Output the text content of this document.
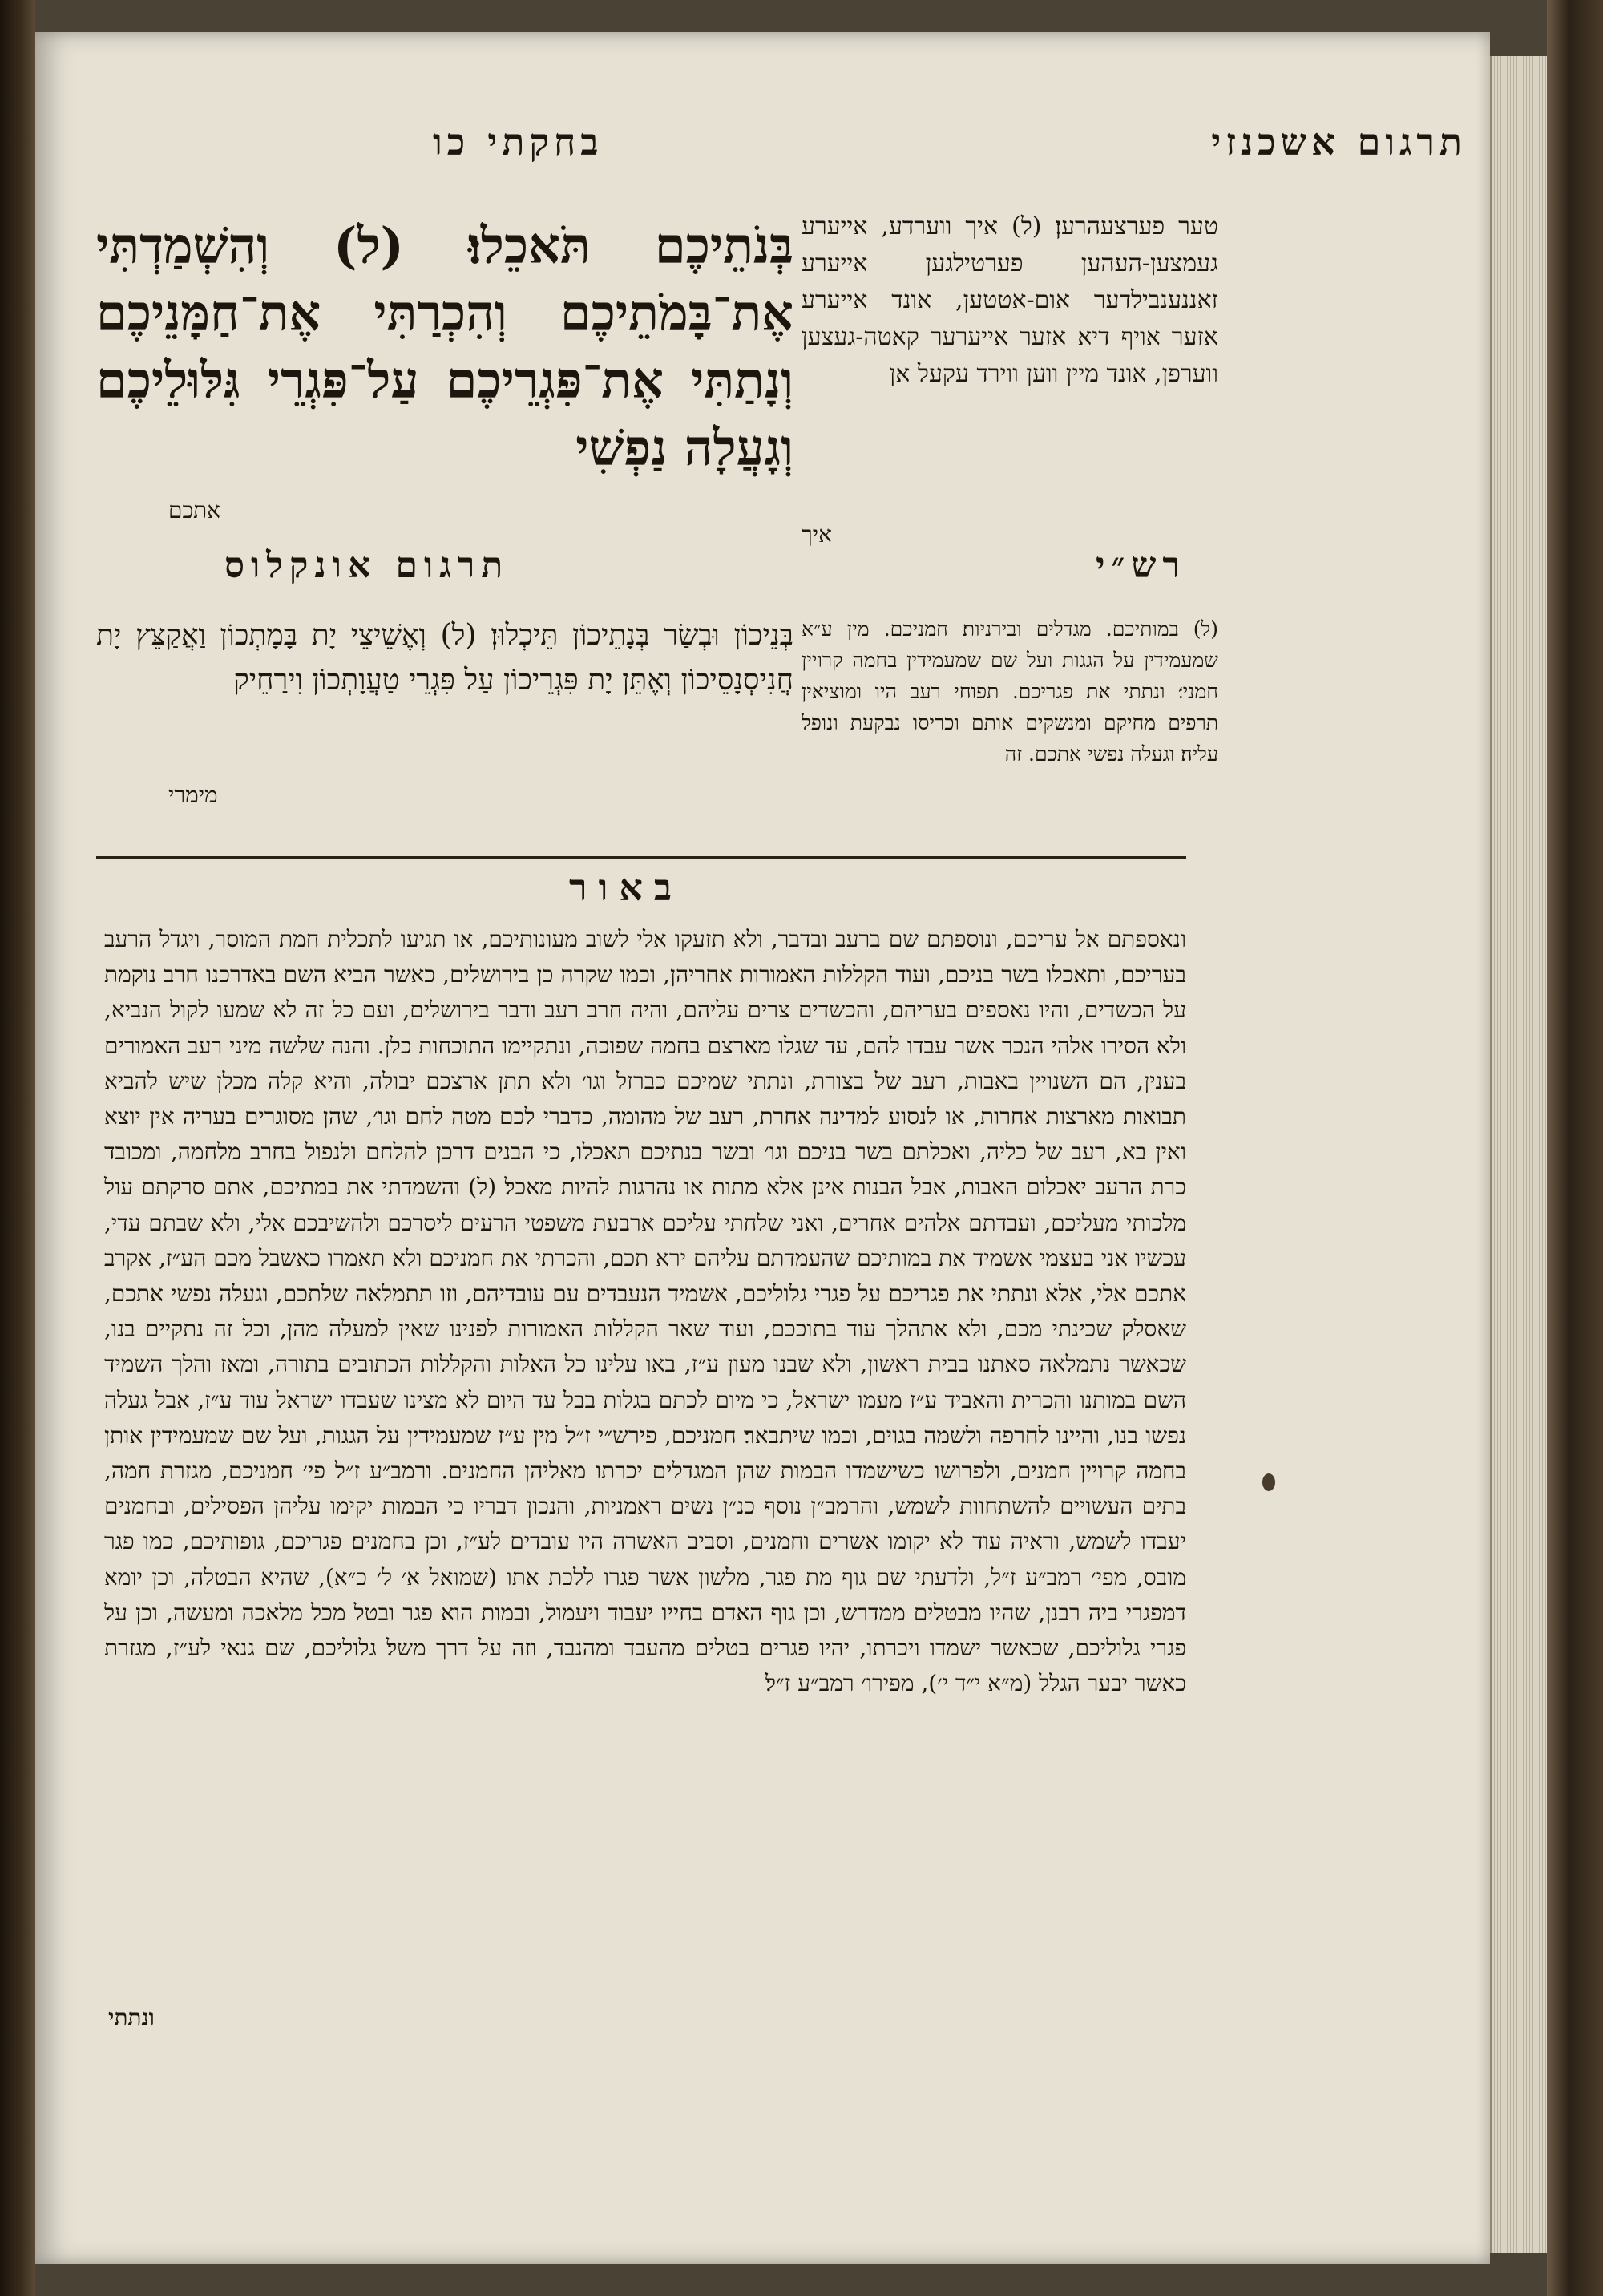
תרגום אשכנזי
בחקתי כו
בְּנֹתֵיכֶם תֹּאכֵלוּ׃ (ל) וְהִשְׁמַדְתִּי אֶת־בָּמֹתֵיכֶם וְהִכְרַתִּי אֶת־חַמָּנֵיכֶם וְנָתַתִּי אֶת־פִּגְרֵיכֶם עַל־פִּגְרֵי גִּלּוּלֵיכֶם וְגָעֲלָה נַפְשִׁי
אתכם

טער פערצעהרען׃ (ל) איך ווערדע, אייערע געמצען-העהען פערטילגען אייערע זאננענבילדער אום-אטטען, אונד אייערע אזער אויף דיא אזער אייערער קאטה-געצען ווערפן, אונד מיין ווען ווירד עקעל אן

איך
רש״י
תרגום אונקלוס
(ל) במותיכם. מגדלים ובירניות׃ חמניכם. מין ע״א שמעמידין על הגגות ועל שם שמעמידין בחמה קרויין חמני׳׃ ונתתי את פגריכם. תפוחי רעב היו ומוציאין תרפים מחיקם ומנשקים אותם וכריסו נבקעת ונופל עליה׃ וגעלה נפשי אתכם. זה
בְּנֵיכוֹן וּבְשַׂר בְּנָתֵיכוֹן תֵּיכְלוּן׃ (ל) וְאֶשֵׁיצֵי יָת בָּמָתְכוֹן וַאֲקַצֵּץ יָת חֲנִיסְנָסֵיכוֹן וְאֶתֵּן יָת פִּגְרֵיכוֹן עַל פִּגְרֵי טַעֲוָתְכוֹן וִירַחֵיק
מימרי
באור
ונאספתם אל עריכם, ונוספתם שם ברעב ובדבר, ולא תזעקו אלי לשוב מעונותיכם, או תגיעו לתכלית חמת המוסר, ויגדל הרעב בעריכם, ותאכלו בשר בניכם, ועוד הקללות האמורות אחריהן, וכמו שקרה כן בירושלים, כאשר הביא השם באדרכנו חרב נוקמת על הכשדים, והיו נאספים בעריהם, והכשדים צרים עליהם, והיה חרב רעב ודבר בירושלים, ועם כל זה לא שמעו לקול הנביא, ולא הסירו אלהי הנכר אשר עבדו להם, עד שגלו מארצם בחמה שפוכה, ונתקיימו התוכחות כלן. והנה שלשה מיני רעב האמורים בענין, הם השנויין באבות, רעב של בצורת, ונתתי שמיכם כברזל וגו׳ ולא תתן ארצכם יבולה, והיא קלה מכלן שיש להביא תבואות מארצות אחרות, או לנסוע למדינה אחרת, רעב של מהומה, כדברי לכם מטה לחם וגו׳, שהן מסוגרים בעריה אין יוצא ואין בא, רעב של כליה, ואכלתם בשר בניכם וגו׳ ובשר בנתיכם תאכלו, כי הבנים דרכן להלחם ולנפול בחרב מלחמה, ומכובד כרת הרעב יאכלום האבות, אבל הבנות אינן אלא מתות או נהרגות להיות מאכל׃ (ל) והשמדתי את במתיכם, אתם סרקתם עול מלכותי מעליכם, ועבדתם אלהים אחרים, ואני שלחתי עליכם ארבעת משפטי הרעים ליסרכם ולהשיבכם אלי, ולא שבתם עדי, עכשיו אני בעצמי אשמיד את במותיכם שהעמדתם עליהם ירא תכם, והכרתי את חמניכם ולא תאמרו כאשבל מכם הע״ז, אקרב אתכם אלי, אלא ונתתי את פגריכם על פגרי גלוליכם, אשמיד הנעבדים עם עובדיהם, וזו תתמלאה שלתכם, וגעלה נפשי אתכם, שאסלק שכינתי מכם, ולא אתהלך עוד בתוככם, ועוד שאר הקללות האמורות לפנינו שאין למעלה מהן, וכל זה נתקיים בנו, שכאשר נתמלאה סאתנו בבית ראשון, ולא שבנו מעון ע״ז, באו עלינו כל האלות והקללות הכתובים בתורה, ומאז והלך השמיד השם במותנו והכרית והאביד ע״ז מעמו ישראל, כי מיום לכתם בגלות בבל עד היום לא מצינו שעבדו ישראל עוד ע״ז, אבל געלה נפשו בנו, והיינו לחרפה ולשמה בגוים, וכמו שיתבאר׃ חמניכם, פירש״י ז״ל מין ע״ז שמעמידין על הגגות, ועל שם שמעמידין אותן בחמה קרויין חמנים, ולפרושו כשישמדו הבמות שהן המגדלים יכרתו מאליהן החמנים. ורמב״ע ז״ל פי׳ חמניכם, מגזרת חמה, בתים העשויים להשתחוות לשמש, והרמב״ן נוסף כנ״ן נשים ראמניות, והנכון דבריו כי הבמות יקימו עליהן הפסילים, ובחמנים יעבדו לשמש, וראיה עוד לא יקומו אשרים וחמנים, וסביב האשרה היו עובדים לע״ז, וכן בחמנים׃ פגריכם, גופותיכם, כמו פגר מובס, מפי׳ רמב״ע ז״ל, ולדעתי שם גוף מת פגר, מלשון אשר פגרו ללכת אתו (שמואל א׳ ל׳ כ״א), שהיא הבטלה, וכן יומא דמפגרי ביה רבנן, שהיו מבטלים ממדרש, וכן גוף האדם בחייו יעבוד ויעמול, ובמות הוא פגר ובטל מכל מלאכה ומעשה, וכן על פגרי גלוליכם, שכאשר ישמדו ויכרתו, יהיו פגרים בטלים מהעבד ומהנבד, וזה על דרך משל׃ גלוליכם, שם גנאי לע״ז, מגזרת כאשר יבער הגלל (מ״א י״ד י׳), מפירו׳ רמב״ע ז״ל׃
ונתתי
